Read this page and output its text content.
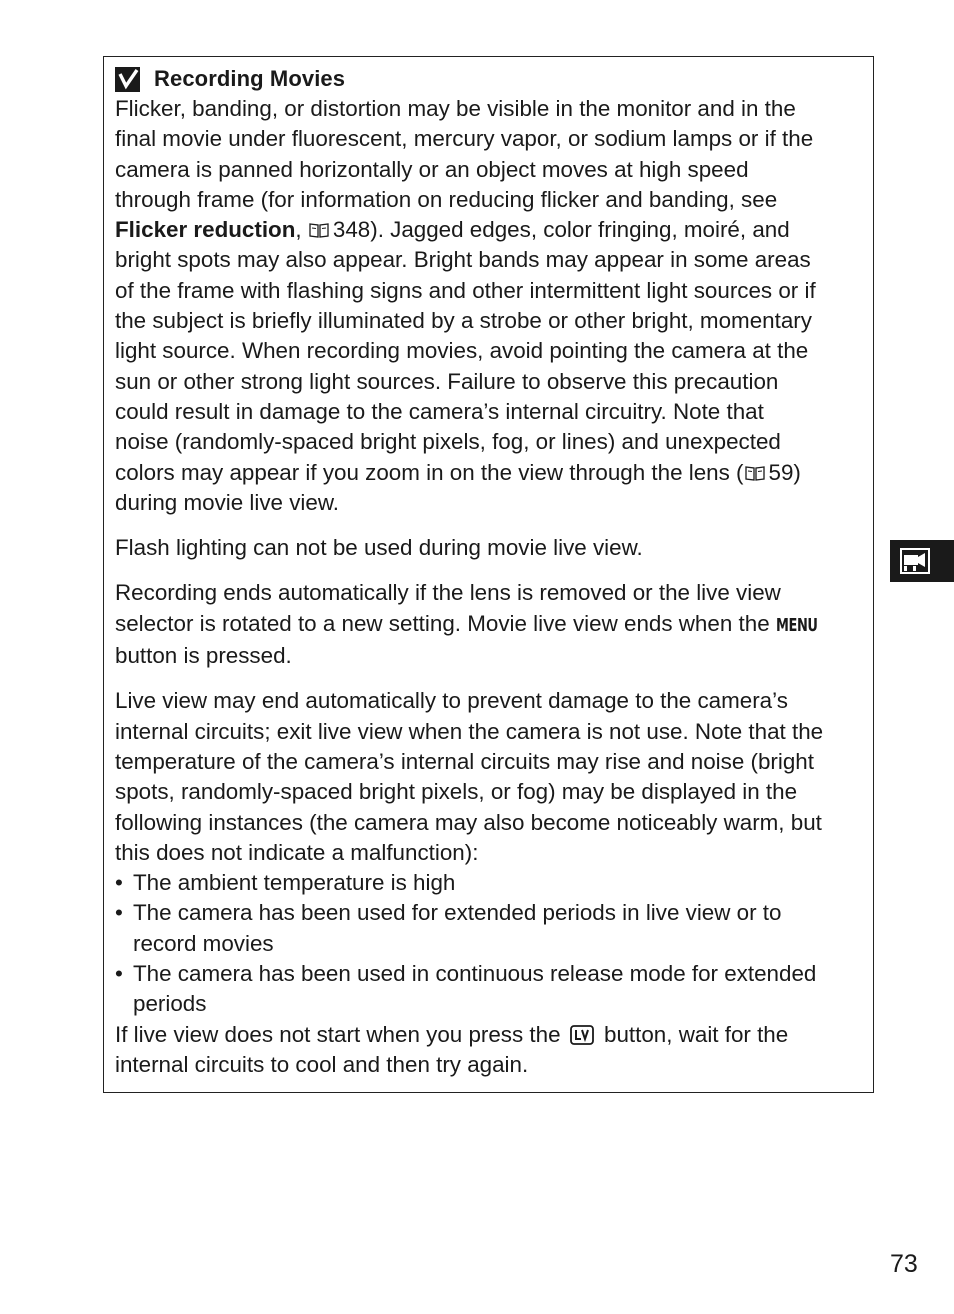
Recording Movies
Flicker, banding, or distortion may be visible in the monitor and in the
final movie under fluorescent, mercury vapor, or sodium lamps or if the
camera is panned horizontally or an object moves at high speed
through frame (for information on reducing flicker and banding, see
Flicker reduction, 348). Jagged edges, color fringing, moiré, and
bright spots may also appear. Bright bands may appear in some areas
of the frame with flashing signs and other intermittent light sources or if
the subject is briefly illuminated by a strobe or other bright, momentary
light source. When recording movies, avoid pointing the camera at the
sun or other strong light sources. Failure to observe this precaution
could result in damage to the camera’s internal circuitry. Note that
noise (randomly-spaced bright pixels, fog, or lines) and unexpected
colors may appear if you zoom in on the view through the lens ( 59)
during movie live view.
Flash lighting can not be used during movie live view.
Recording ends automatically if the lens is removed or the live view
selector is rotated to a new setting. Movie live view ends when the MENU
button is pressed.
Live view may end automatically to prevent damage to the camera’s
internal circuits; exit live view when the camera is not use. Note that the
temperature of the camera’s internal circuits may rise and noise (bright
spots, randomly-spaced bright pixels, or fog) may be displayed in the
following instances (the camera may also become noticeably warm, but
this does not indicate a malfunction):
• The ambient temperature is high
• The camera has been used for extended periods in live view or to
record movies
• The camera has been used in continuous release mode for extended
periods
If live view does not start when you press the  button, wait for the
internal circuits to cool and then try again.
73
